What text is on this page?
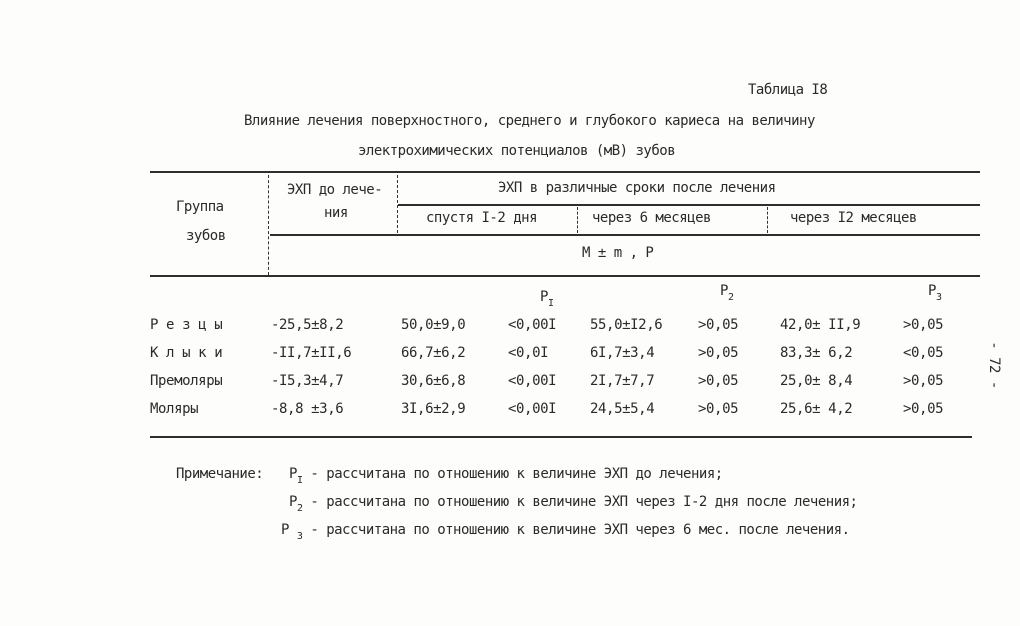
Таблица I8
Влияние лечения поверхностного, среднего и глубокого кариеса на величину
электрохимических потенциалов (мВ) зубов
Группа
зубов
ЭХП до лече-
ния
ЭХП в различные сроки после лечения
спустя I-2 дня	через 6 месяцев	через I2 месяцев
M ± m , P
$P_I$
$P_2$	$P_3$
Р е з ц ы	-25,5±8,2	50,0±9,0	<0,00I 55,0±I2,6	>0,05	42,0± II,9	>0,05
К л ы к и	-II,7±II,6	66,7±6,2	<0,0I	6I,7±3,4	>0,05	83,3± 6,2	<0,05
Премоляры	-I5,3±4,7	30,6±6,8	<0,00I 2I,7±7,7	>0,05	25,0± 8,4	>0,05
Моляры	-8,8 ±3,6	3I,6±2,9	<0,00I 24,5±5,4	>0,05	25,6± 4,2	>0,05
- 72 -
Примечание: $P_I$ - рассчитана по отношению к величине ЭХП до лечения;
$P_2$ - рассчитана по отношению к величине ЭХП через I-2 дня после лечения;
P $_3$ - рассчитана по отношению к величине ЭХП через 6 мес. после лечения.
